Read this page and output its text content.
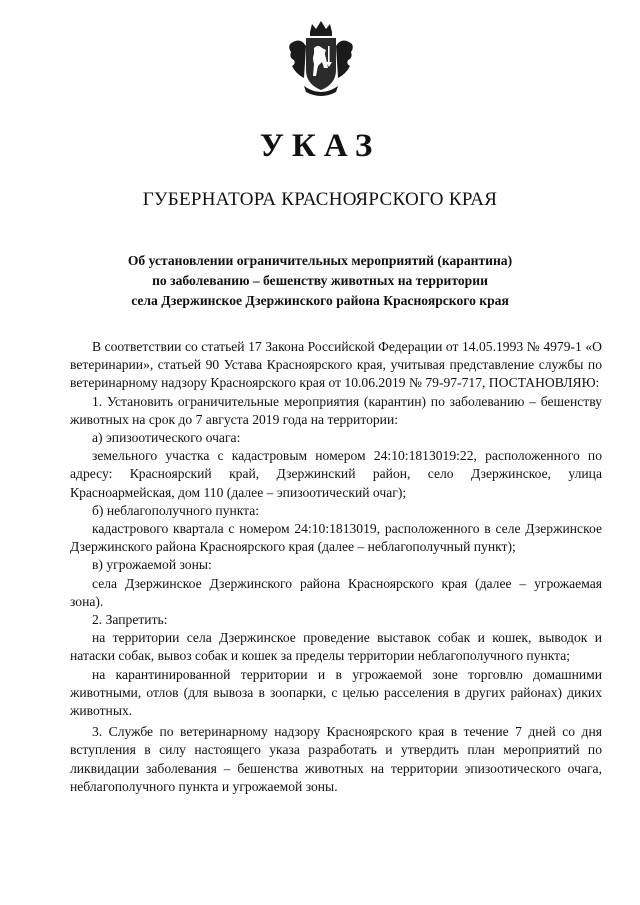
УКАЗ
ГУБЕРНАТОРА КРАСНОЯРСКОГО КРАЯ
Об установлении ограничительных мероприятий (карантина)
по заболеванию – бешенству животных на территории
села Дзержинское Дзержинского района Красноярского края

В соответствии со статьей 17 Закона Российской Федерации от 14.05.1993 № 4979-1 «О ветеринарии», статьей 90 Устава Красноярского края, учитывая представление службы по ветеринарному надзору Красноярского края от 10.06.2019 № 79-97-717, ПОСТАНОВЛЯЮ:

1. Установить ограничительные мероприятия (карантин) по заболеванию – бешенству животных на срок до 7 августа 2019 года на территории:

а) эпизоотического очага:

земельного участка с кадастровым номером 24:10:1813019:22, расположенного по адресу: Красноярский край, Дзержинский район, село Дзержинское, улица Красноармейская, дом 110 (далее – эпизоотический очаг);

б) неблагополучного пункта:

кадастрового квартала с номером 24:10:1813019, расположенного в селе Дзержинское Дзержинского района Красноярского края (далее – неблагополучный пункт);

в) угрожаемой зоны:

села Дзержинское Дзержинского района Красноярского края (далее – угрожаемая зона).

2. Запретить:

на территории села Дзержинское проведение выставок собак и кошек, выводок и натаски собак, вывоз собак и кошек за пределы территории неблагополучного пункта;

на карантинированной территории и в угрожаемой зоне торговлю домашними животными, отлов (для вывоза в зоопарки, с целью расселения в других районах) диких животных.

3. Службе по ветеринарному надзору Красноярского края в течение 7 дней со дня вступления в силу настоящего указа разработать и утвердить план мероприятий по ликвидации заболевания – бешенства животных на территории эпизоотического очага, неблагополучного пункта и угрожаемой зоны.
